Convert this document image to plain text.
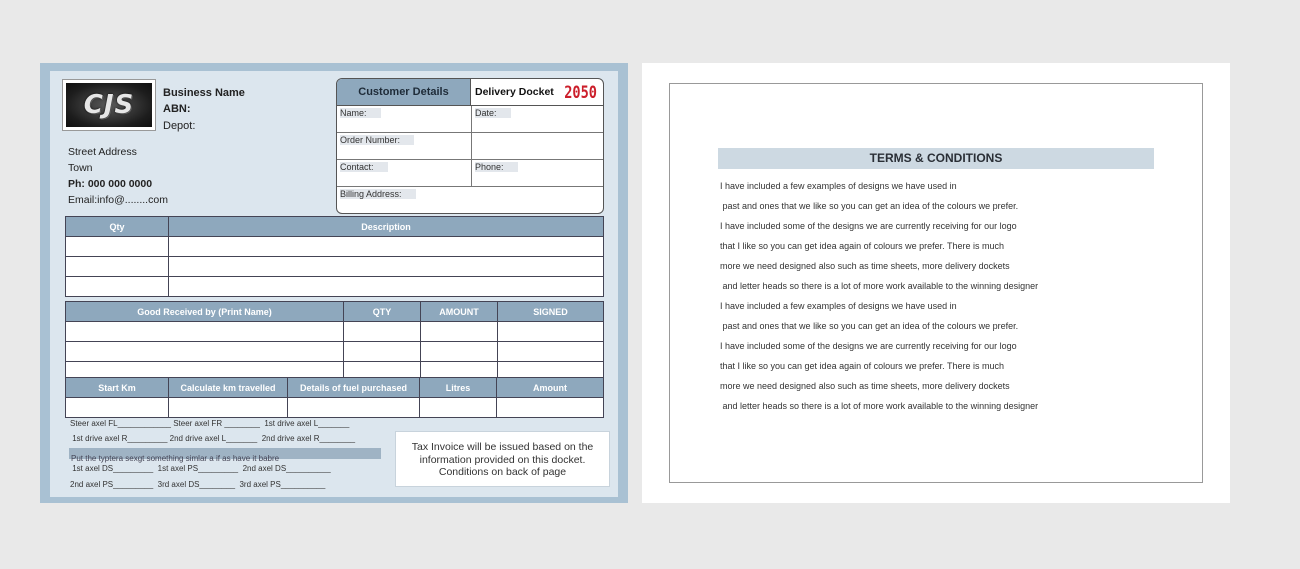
CJS	Business Name
ABN:
Depot:
Street Address
Town
Ph: 000 000 0000
Email:info@........com
Customer Details	Delivery Docket 2050
Name:	Date:
Order Number:
Contact:	Phone:
Billing Address:
Qty	Description

Good Received by (Print Name)	QTY	AMOUNT	SIGNED

Start Km	Calculate km travelled	Details of fuel purchased	Litres	Amount

Steer axel FL____________ Steer axel FR ________  1st drive axel L_______
1st drive axel R_________ 2nd drive axel L_______  2nd drive axel R________
Put the typtera sexgt something simlar a if as have it babre
1st axel DS_________  1st axel PS_________  2nd axel DS__________
2nd axel PS_________  3rd axel DS________  3rd axel PS__________
Tax Invoice will be issued based on the
information provided on this docket.
Conditions on back of page
TERMS & CONDITIONS
I have included a few examples of designs we have used in
past and ones that we like so you can get an idea of the colours we prefer.
I have included some of the designs we are currently receiving for our logo
that I like so you can get idea again of colours we prefer. There is much
more we need designed also such as time sheets, more delivery dockets
and letter heads so there is a lot of more work available to the winning designer
I have included a few examples of designs we have used in
past and ones that we like so you can get an idea of the colours we prefer.
I have included some of the designs we are currently receiving for our logo
that I like so you can get idea again of colours we prefer. There is much
more we need designed also such as time sheets, more delivery dockets
and letter heads so there is a lot of more work available to the winning designer
